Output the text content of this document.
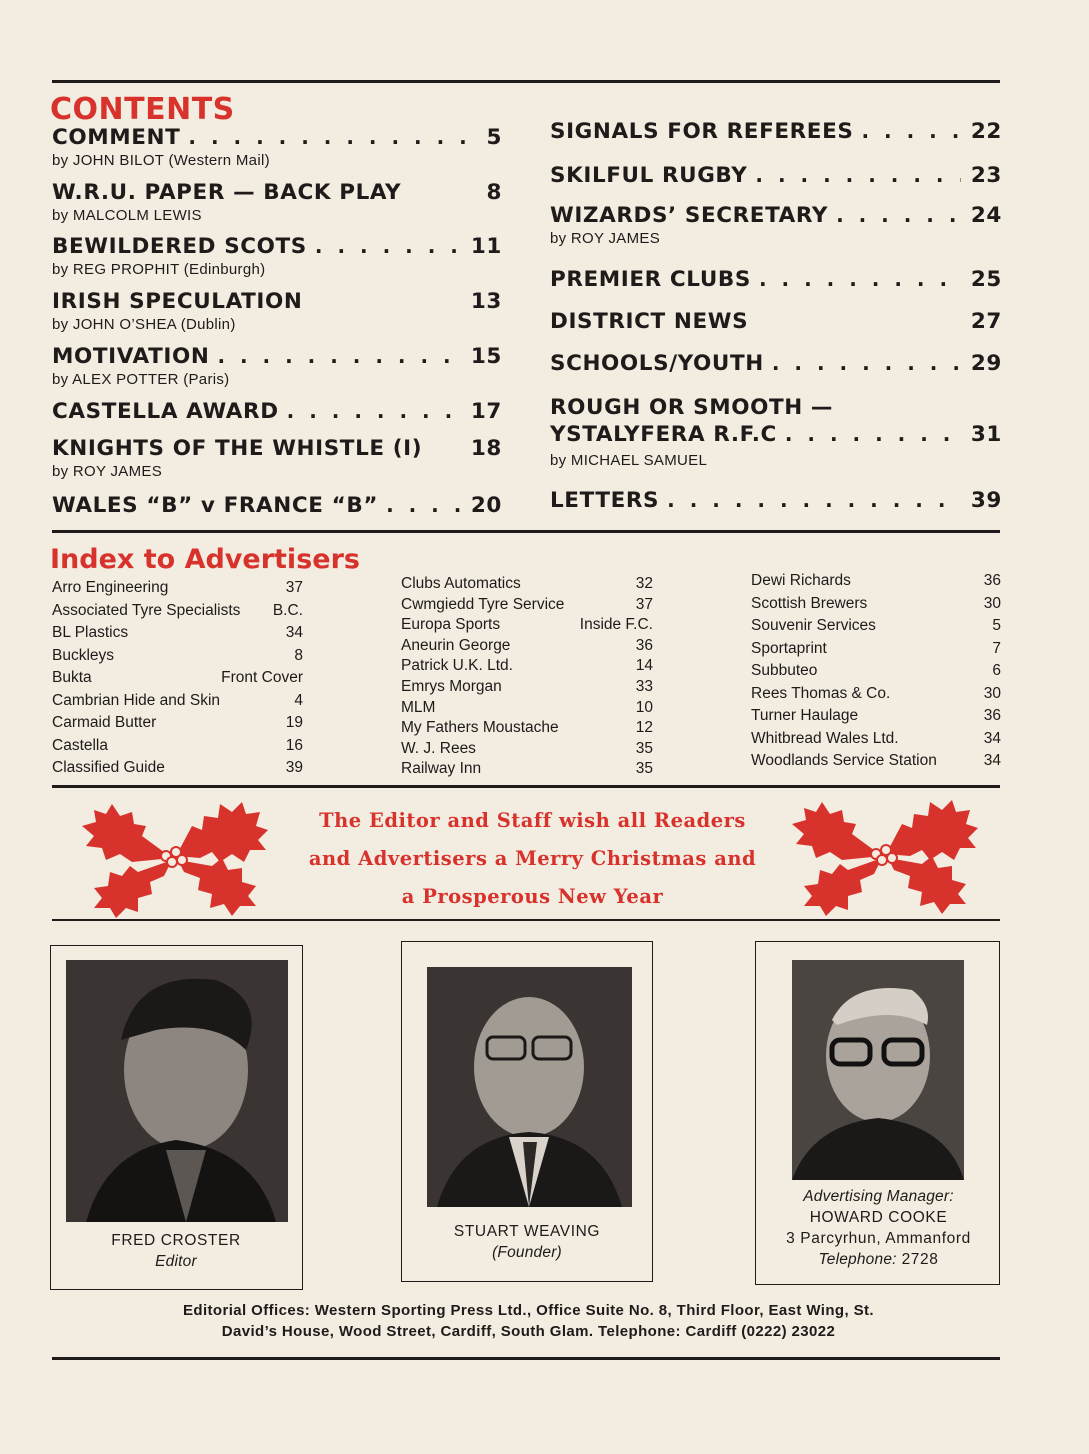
CONTENTS
COMMENT . . .	5
by JOHN BILOT (Western Mail)
W.R.U. PAPER — BACK PLAY	8
by MALCOLM LEWIS
BEWILDERED SCOTS . . .	11
by REG PROPHIT (Edinburgh)
IRISH SPECULATION	13
by JOHN O’SHEA (Dublin)
MOTIVATION . . .	15
by ALEX POTTER (Paris)
CASTELLA AWARD . . .	17
KNIGHTS OF THE WHISTLE (I) 18
by ROY JAMES
WALES “B” v FRANCE “B” . . .	20
SIGNALS FOR REFEREES . . .	22
SKILFUL RUGBY . . .	23
WIZARDS’ SECRETARY . . .	24
by ROY JAMES
PREMIER CLUBS . . .	25
DISTRICT NEWS	27
SCHOOLS/YOUTH . . .	29
ROUGH OR SMOOTH —
YSTALYFERA R.F.C . . .	31
by MICHAEL SAMUEL
LETTERS . . .	39
Index to Advertisers
Arro Engineering	37
Associated Tyre Specialists B.C.
BL Plastics	34
Buckleys	8
Bukta	Front Cover
Cambrian Hide and Skin	4
Carmaid Butter	19
Castella	16
Classified Guide	39
Clubs Automatics	32
Cwmgiedd Tyre Service	37
Europa Sports	Inside F.C.
Aneurin George	36
Patrick U.K. Ltd.	14
Emrys Morgan	33
MLM	10
My Fathers Moustache	12
W. J. Rees	35
Railway Inn	35
Dewi Richards	36
Scottish Brewers	30
Souvenir Services	5
Sportaprint	7
Subbuteo	6
Rees Thomas & Co.	30
Turner Haulage	36
Whitbread Wales Ltd.	34
Woodlands Service Station	34
The Editor and Staff wish all Readers
and Advertisers a Merry Christmas and
a Prosperous New Year
FRED CROSTER
Editor
STUART WEAVING
(Founder)
Advertising Manager:
HOWARD COOKE
3 Parcyrhun, Ammanford
Telephone: 2728
Editorial Offices: Western Sporting Press Ltd., Office Suite No. 8, Third Floor, East Wing, St.
David’s House, Wood Street, Cardiff, South Glam. Telephone: Cardiff (0222) 23022
